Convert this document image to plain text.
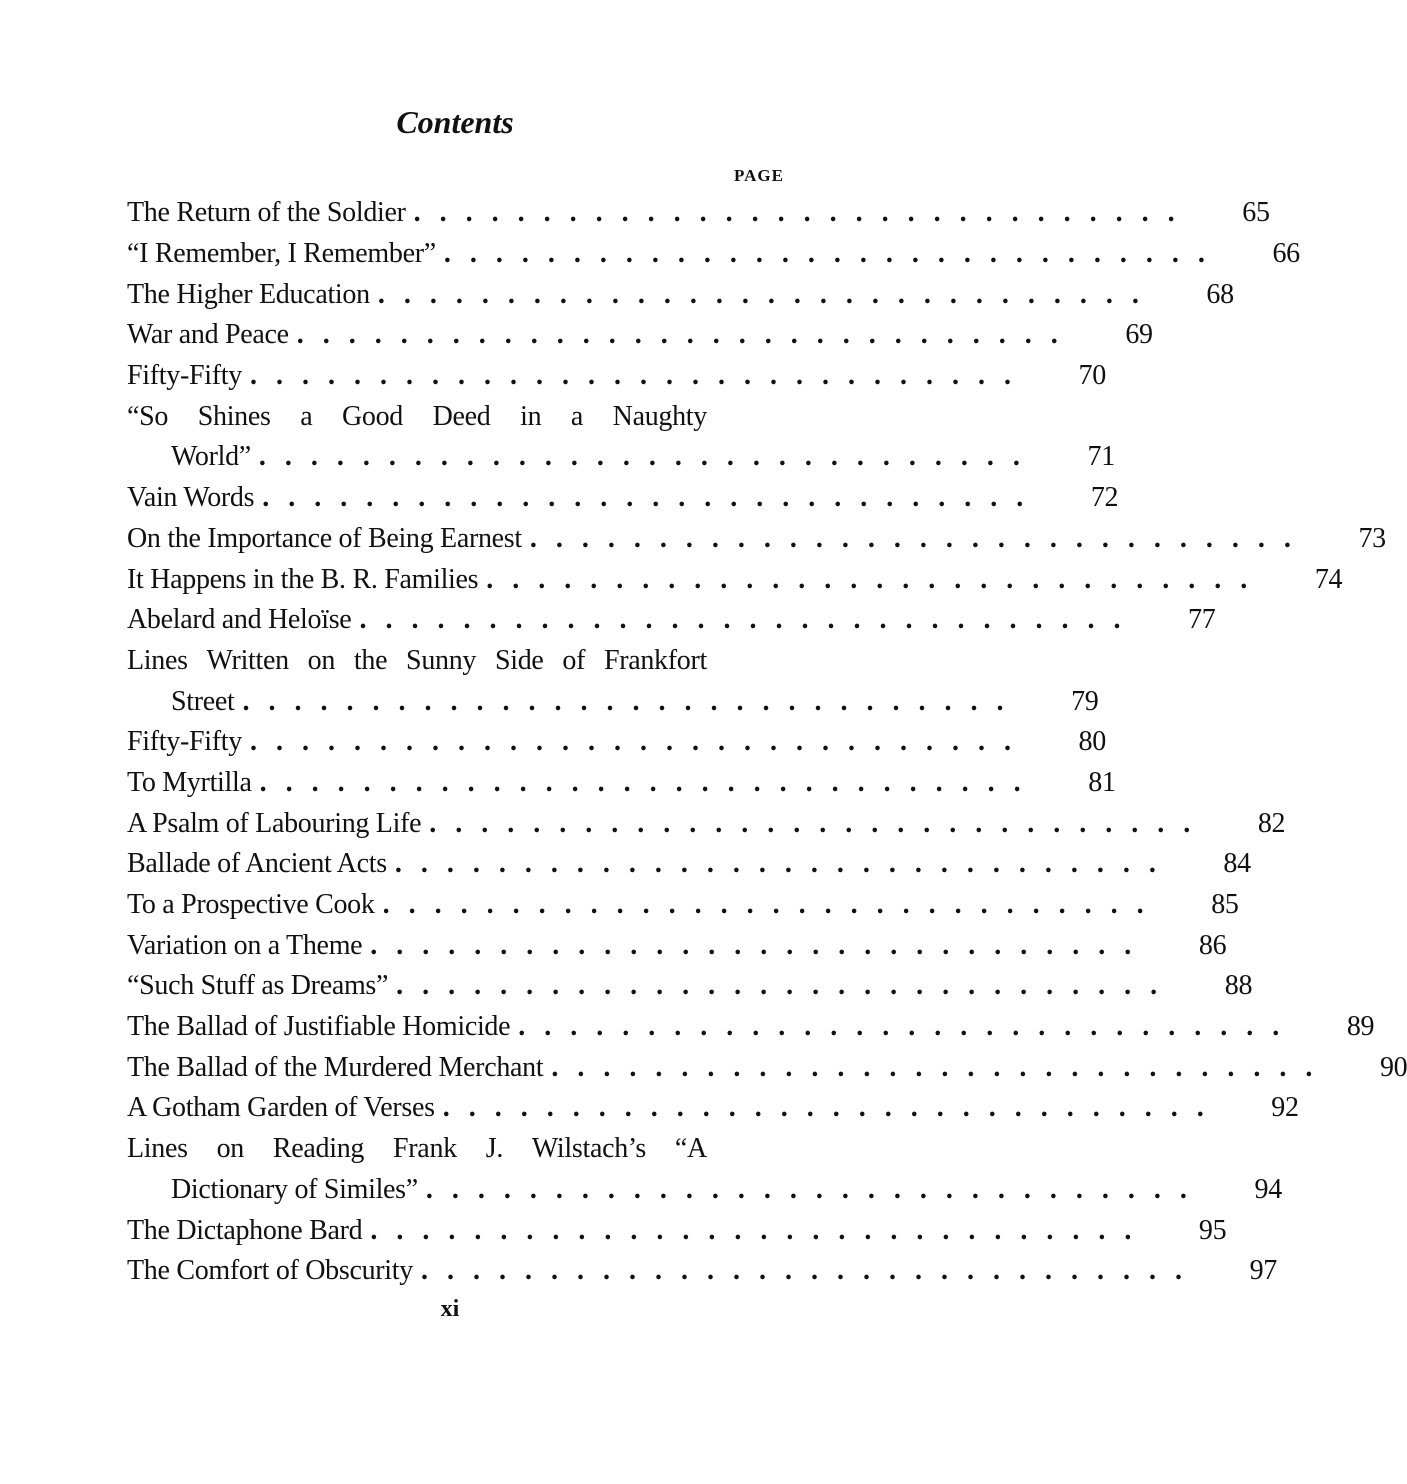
Contents
PAGE
The Return of the Soldier ..............................	65
“I Remember, I Remember” ..............................	66
The Higher Education ..............................	68
War and Peace ..............................	69
Fifty-Fifty ..............................	70
“So Shines a Good Deed in a Naughty
World” ..............................	71
Vain Words ..............................	72
On the Importance of Being Earnest ..............................	73
It Happens in the B. R. Families ..............................	74
Abelard and Heloïse ..............................	77
Lines Written on the Sunny Side of Frankfort
Street ..............................	79
Fifty-Fifty ..............................	80
To Myrtilla ..............................	81
A Psalm of Labouring Life ..............................	82
Ballade of Ancient Acts ..............................	84
To a Prospective Cook ..............................	85
Variation on a Theme ..............................	86
“Such Stuff as Dreams” ..............................	88
The Ballad of Justifiable Homicide ..............................	89
The Ballad of the Murdered Merchant ..............................	90
A Gotham Garden of Verses ..............................	92
Lines on Reading Frank J. Wilstach’s “A
Dictionary of Similes” ..............................	94
The Dictaphone Bard ..............................	95
The Comfort of Obscurity ..............................	97
xi
